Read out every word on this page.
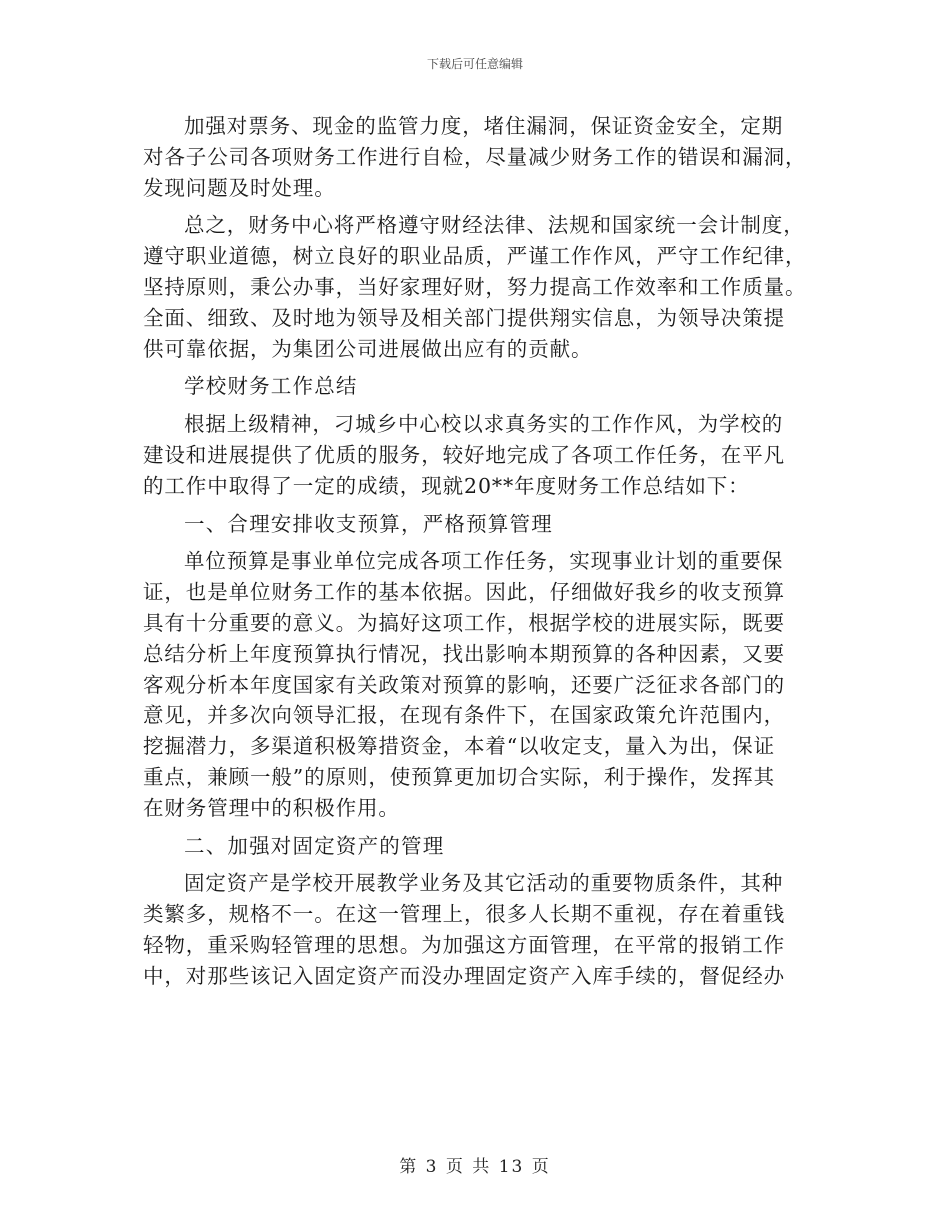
下载后可任意编辑

加强对票务、现金的监管力度，堵住漏洞，保证资金安全，定期
对各子公司各项财务工作进行自检，尽量减少财务工作的错误和漏洞，
发现问题及时处理。

总之，财务中心将严格遵守财经法律、法规和国家统一会计制度，
遵守职业道德，树立良好的职业品质，严谨工作作风，严守工作纪律，
坚持原则，秉公办事，当好家理好财，努力提高工作效率和工作质量。
全面、细致、及时地为领导及相关部门提供翔实信息，为领导决策提
供可靠依据，为集团公司进展做出应有的贡献。

学校财务工作总结

根据上级精神，刁城乡中心校以求真务实的工作作风，为学校的
建设和进展提供了优质的服务，较好地完成了各项工作任务，在平凡
的工作中取得了一定的成绩，现就20**年度财务工作总结如下：

一、合理安排收支预算，严格预算管理

单位预算是事业单位完成各项工作任务，实现事业计划的重要保
证，也是单位财务工作的基本依据。因此，仔细做好我乡的收支预算
具有十分重要的意义。为搞好这项工作，根据学校的进展实际，既要
总结分析上年度预算执行情况，找出影响本期预算的各种因素，又要
客观分析本年度国家有关政策对预算的影响，还要广泛征求各部门的
意见，并多次向领导汇报，在现有条件下，在国家政策允许范围内，
挖掘潜力，多渠道积极筹措资金，本着“以收定支，量入为出，保证
重点，兼顾一般”的原则，使预算更加切合实际，利于操作，发挥其
在财务管理中的积极作用。

二、加强对固定资产的管理

固定资产是学校开展教学业务及其它活动的重要物质条件，其种
类繁多，规格不一。在这一管理上，很多人长期不重视，存在着重钱
轻物，重采购轻管理的思想。为加强这方面管理，在平常的报销工作
中，对那些该记入固定资产而没办理固定资产入库手续的，督促经办

第 3 页 共 13 页
